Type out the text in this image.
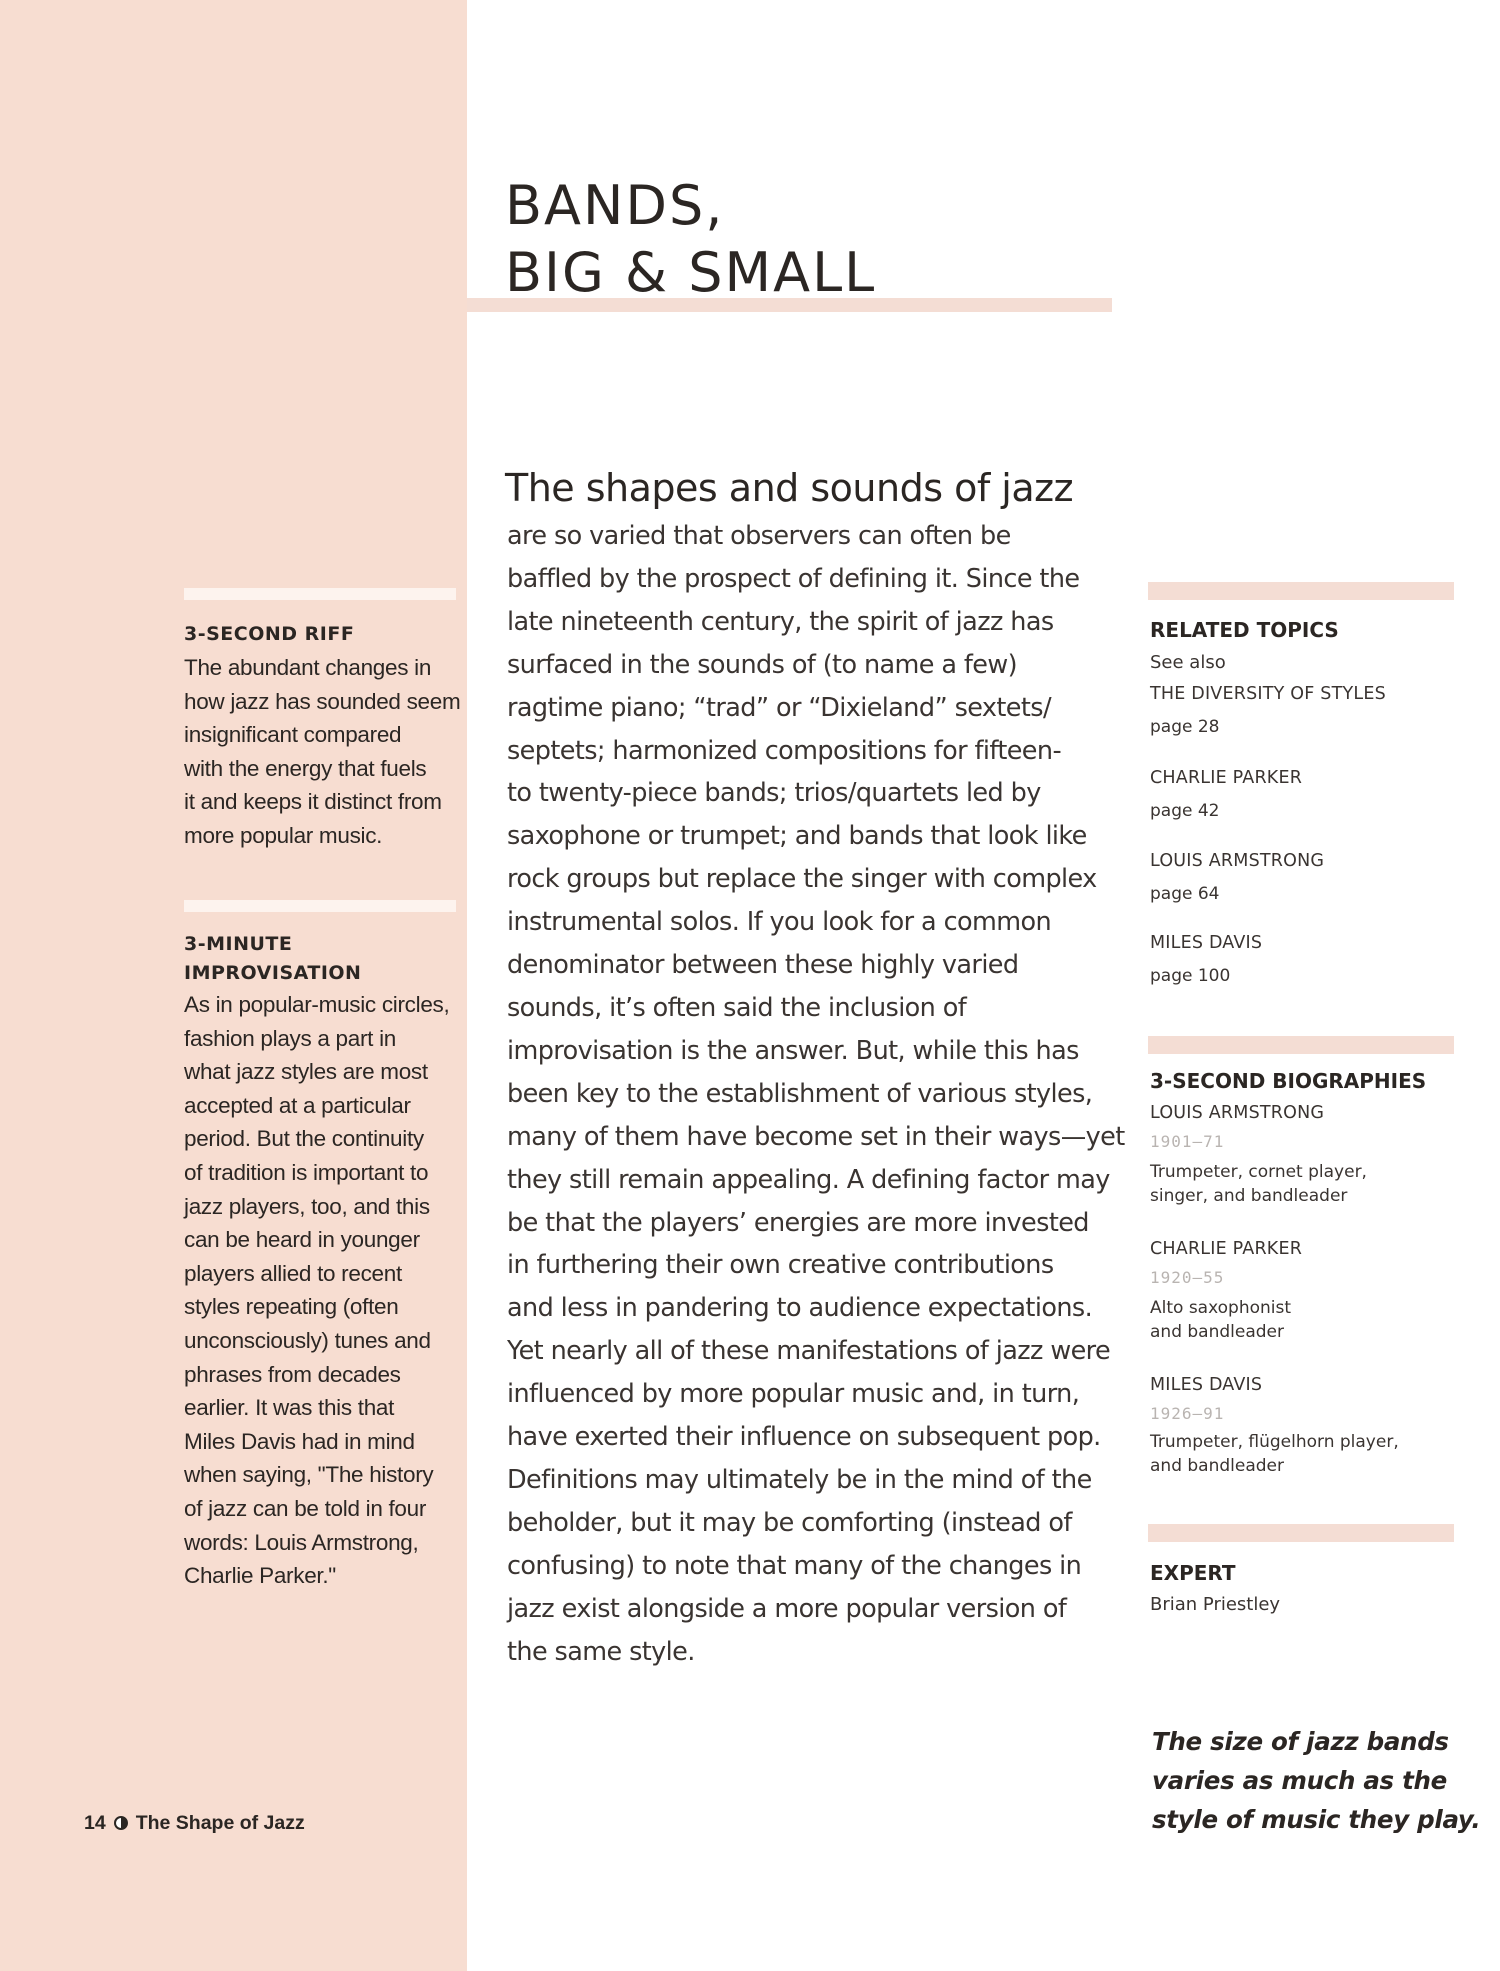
BANDS,
BIG & SMALL
3-SECOND RIFF
The abundant changes in
how jazz has sounded seem
insignificant compared
with the energy that fuels
it and keeps it distinct from
more popular music.
3-MINUTE
IMPROVISATION
As in popular-music circles,
fashion plays a part in
what jazz styles are most
accepted at a particular
period. But the continuity
of tradition is important to
jazz players, too, and this
can be heard in younger
players allied to recent
styles repeating (often
unconsciously) tunes and
phrases from decades
earlier. It was this that
Miles Davis had in mind
when saying, "The history
of jazz can be told in four
words: Louis Armstrong,
Charlie Parker."
The shapes and sounds of jazz
are so varied that observers can often be
baffled by the prospect of defining it. Since the
late nineteenth century, the spirit of jazz has
surfaced in the sounds of (to name a few)
ragtime piano; “trad” or “Dixieland” sextets/
septets; harmonized compositions for fifteen-
to twenty-piece bands; trios/quartets led by
saxophone or trumpet; and bands that look like
rock groups but replace the singer with complex
instrumental solos. If you look for a common
denominator between these highly varied
sounds, it’s often said the inclusion of
improvisation is the answer. But, while this has
been key to the establishment of various styles,
many of them have become set in their ways—yet
they still remain appealing. A defining factor may
be that the players’ energies are more invested
in furthering their own creative contributions
and less in pandering to audience expectations.
Yet nearly all of these manifestations of jazz were
influenced by more popular music and, in turn,
have exerted their influence on subsequent pop.
Definitions may ultimately be in the mind of the
beholder, but it may be comforting (instead of
confusing) to note that many of the changes in
jazz exist alongside a more popular version of
the same style.
RELATED TOPICS
See also
THE DIVERSITY OF STYLES
page 28
CHARLIE PARKER
page 42
LOUIS ARMSTRONG
page 64
MILES DAVIS
page 100
3-SECOND BIOGRAPHIES
LOUIS ARMSTRONG
1901–71
Trumpeter, cornet player,
singer, and bandleader
CHARLIE PARKER
1920–55
Alto saxophonist
and bandleader
MILES DAVIS
1926–91
Trumpeter, flügelhorn player,
and bandleader
EXPERT
Brian Priestley
The size of jazz bands
varies as much as the
style of music they play.
14 The Shape of Jazz
